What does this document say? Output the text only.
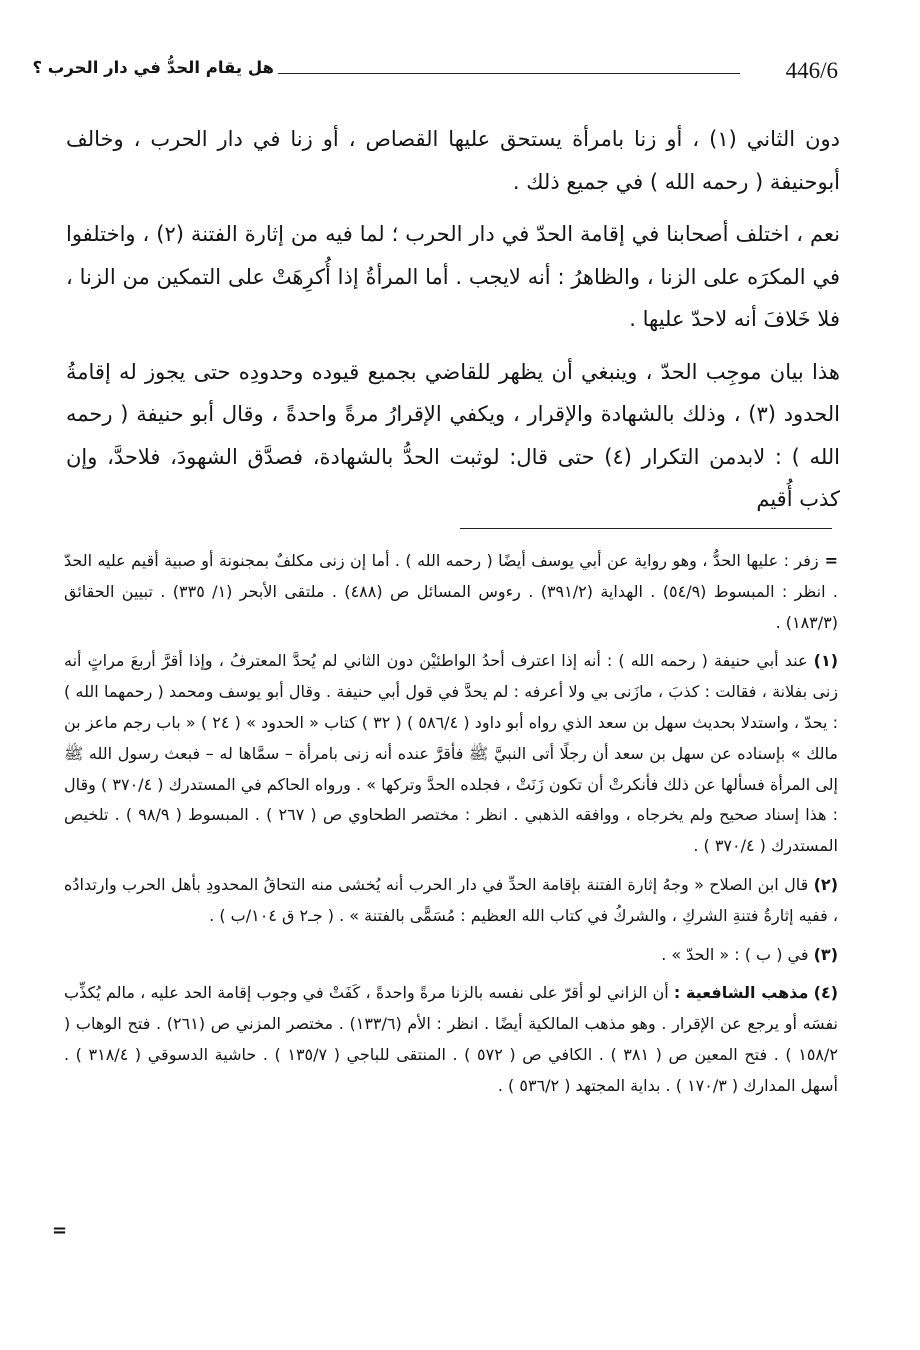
446/6
هل يقام الحدُّ في دار الحرب ؟

دون الثاني (١) ، أو زنا بامرأة يستحق عليها القصاص ، أو زنا في دار الحرب ، وخالف أبوحنيفة ( رحمه الله ) في جميع ذلك .

نعم ، اختلف أصحابنا في إقامة الحدّ في دار الحرب ؛ لما فيه من إثارة الفتنة (٢) ، واختلفوا في المكرَه على الزنا ، والظاهرُ : أنه لايجب . أما المرأةُ إذا أُكرِهَتْ على التمكين من الزنا ، فلا خَلافَ أنه لاحدّ عليها .

هذا بيان موجِب الحدّ ، وينبغي أن يظهر للقاضي بجميع قيوده وحدودِه حتى يجوز له إقامةُ الحدود (٣) ، وذلك بالشهادة والإقرار ، ويكفي الإقرارُ مرةً واحدةً ، وقال أبو حنيفة ( رحمه الله ) : لابدمن التكرار (٤) حتى قال: لوثبت الحدُّ بالشهادة، فصدَّق الشهودَ، فلاحدَّ، وإن كذب أُقيم

=زفر : عليها الحدُّ ، وهو رواية عن أبي يوسف أيضًا ( رحمه الله ) . أما إن زنى مكلفٌ بمجنونة أو صبية أقيم عليه الحدّ . انظر : المبسوط (٥٤/٩) . الهداية (٣٩١/٢) . رءوس المسائل ص (٤٨٨) . ملتقى الأبحر (١/ ٣٣٥) . تبيين الحقائق (١٨٣/٣) .

(١) عند أبي حنيفة ( رحمه الله ) : أنه إذا اعترف أحدُ الواطئيْن دون الثاني لم يُحدَّ المعترفُ ، وإذا أقرَّ أربعَ مراتٍ أنه زنى بفلانة ، فقالت : كذبَ ، مازَنى بي ولا أعرفه : لم يحدَّ في قول أبي حنيفة . وقال أبو يوسف ومحمد ( رحمهما الله ) : يحدّ ، واستدلا بحديث سهل بن سعد الذي رواه أبو داود ( ٥٨٦/٤ ) ( ٣٢ ) كتاب « الحدود » ( ٢٤ ) « باب رجم ماعز بن مالك » بإسناده عن سهل بن سعد أن رجلًا أتى النبيَّ ﷺ فأقرَّ عنده أنه زنى بامرأة – سمَّاها له – فبعث رسول الله ﷺ إلى المرأة فسألها عن ذلك فأنكرتْ أن تكون زَنَتْ ، فجلده الحدَّ وتركها » . ورواه الحاكم في المستدرك ( ٣٧٠/٤ ) وقال : هذا إسناد صحيح ولم يخرجاه ، ووافقه الذهبي . انظر : مختصر الطحاوي ص ( ٢٦٧ ) . المبسوط ( ٩٨/٩ ) . تلخيص المستدرك ( ٣٧٠/٤ ) .

(٢) قال ابن الصلاح « وجهُ إثارة الفتنة بإقامة الحدِّ في دار الحرب أنه يُخشى منه التحاقُ المحدودِ بأهل الحرب وارتدادُه ، ففيه إثارةُ فتنةِ الشركِ ، والشركُ في كتاب الله العظيم : مُسَمًّى بالفتنة » . ( جـ٢ ق ١٠٤/ب ) .

(٣) في ( ب ) : « الحدّ » .

(٤) مذهب الشافعية : أن الزاني لو أقرّ على نفسه بالزنا مرةً واحدةً ، كَفَتْ في وجوب إقامة الحد عليه ، مالم يُكذِّب نفسَه أو يرجع عن الإقرار . وهو مذهب المالكية أيضًا . انظر : الأم (١٣٣/٦) . مختصر المزني ص (٢٦١) . فتح الوهاب ( ١٥٨/٢ ) . فتح المعين ص ( ٣٨١ ) . الكافي ص ( ٥٧٢ ) . المنتقى للباجي ( ١٣٥/٧ ) . حاشية الدسوقي ( ٣١٨/٤ ) . أسهل المدارك ( ١٧٠/٣ ) . بداية المجتهد ( ٥٣٦/٢ ) .

=
